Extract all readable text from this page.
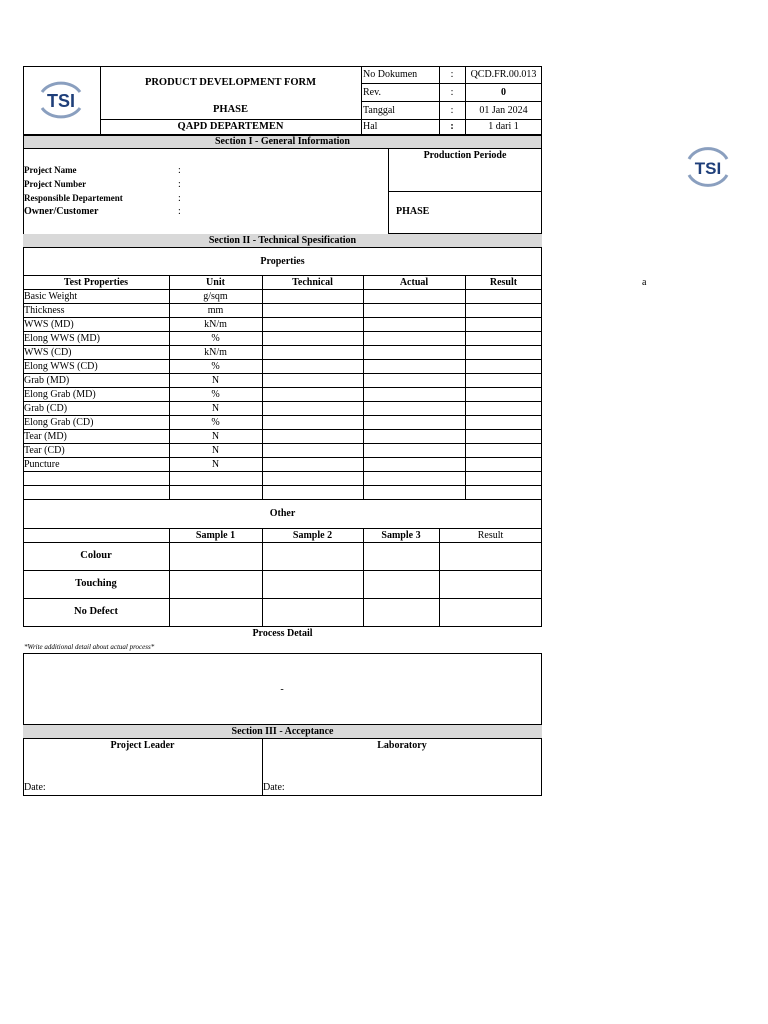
TSI
PRODUCT DEVELOPMENT FORM
PHASE
QAPD DEPARTEMEN
No Dokumen	:	QCD.FR.00.013
Rev.	:	0
Tanggal	:	01 Jan 2024
Hal	:	1 dari 1
Section I - General Information
Project Name	:
Project Number	:
Responsible Departement	:
Owner/Customer	:
Production Periode
PHASE
Section II - Technical Spesification
Properties
Test Properties	Unit	Technical	Actual	Result
Basic Weight	g/sqm
Thickness	mm
WWS (MD)	kN/m
Elong WWS (MD)	%
WWS (CD)	kN/m
Elong WWS (CD)	%
Grab (MD)	N
Elong Grab (MD)	%
Grab (CD)	N
Elong Grab (CD)	%
Tear (MD)	N
Tear (CD)	N
Puncture	N
Other
Sample 1	Sample 2	Sample 3	Result
Colour
Touching
No Defect
Process Detail
*Write additional detail about actual process*
-
Section III - Acceptance
Project Leader	Laboratory
Date:	Date:
TSI
a
